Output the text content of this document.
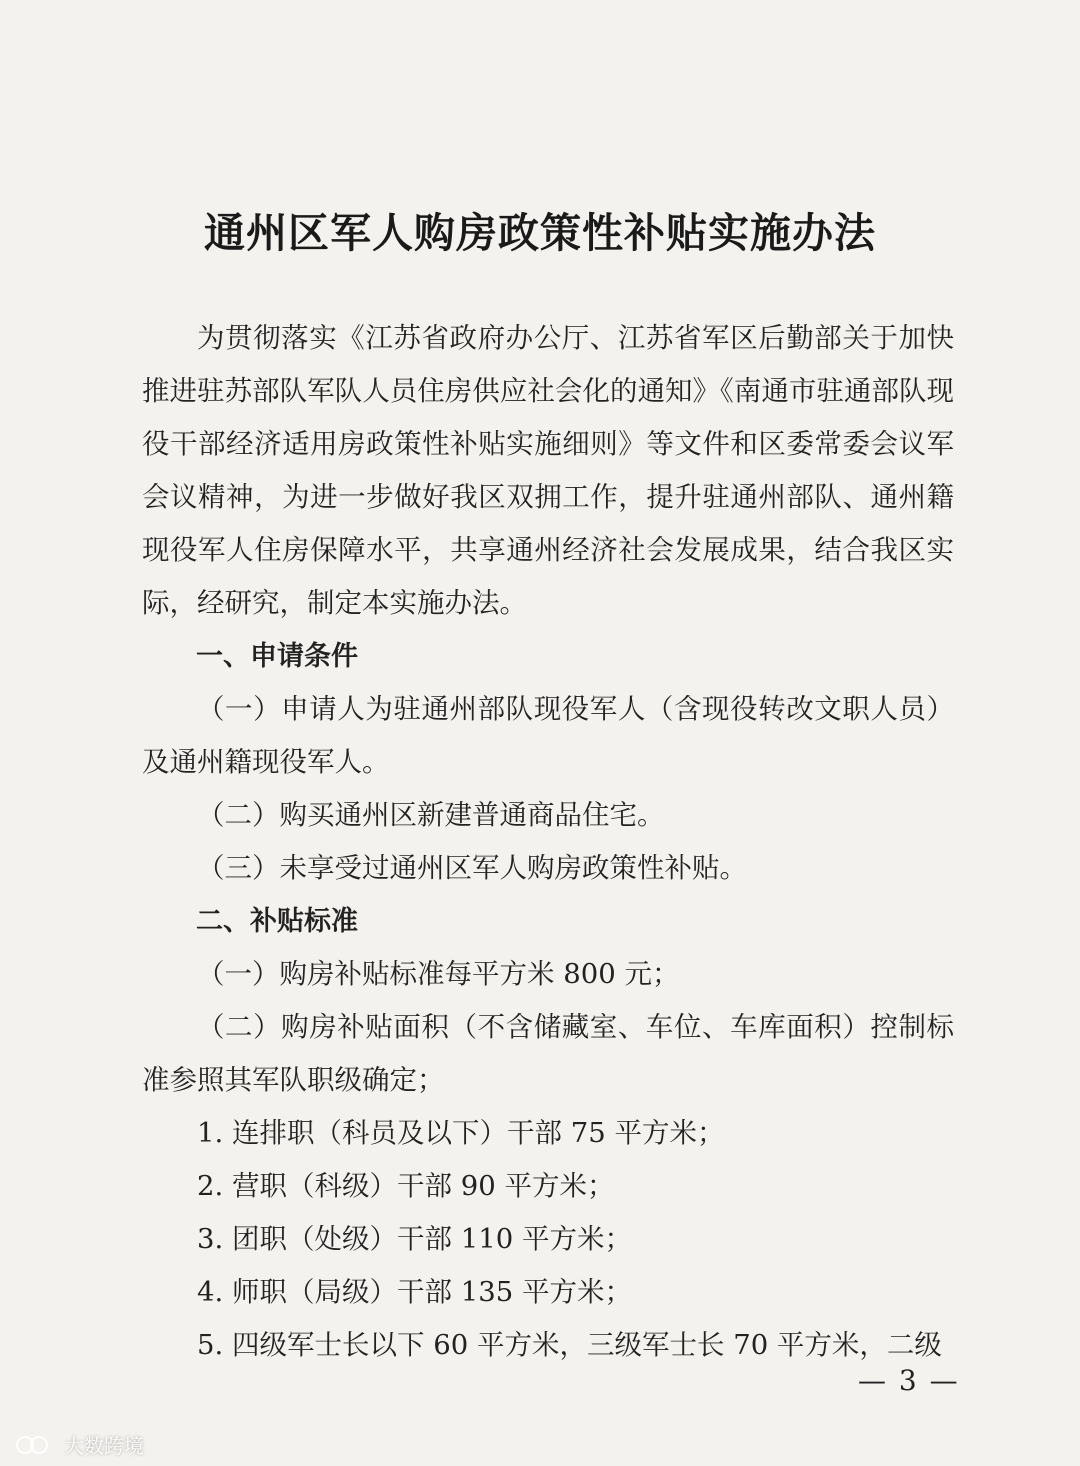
通州区军人购房政策性补贴实施办法

为贯彻落实《江苏省政府办公厅、江苏省军区后勤部关于加快推进驻苏部队军队人员住房供应社会化的通知》《南通市驻通部队现役干部经济适用房政策性补贴实施细则》等文件和区委常委会议军会议精神，为进一步做好我区双拥工作，提升驻通州部队、通州籍现役军人住房保障水平，共享通州经济社会发展成果，结合我区实际，经研究，制定本实施办法。

一、申请条件

（一）申请人为驻通州部队现役军人（含现役转改文职人员）及通州籍现役军人。

（二）购买通州区新建普通商品住宅。

（三）未享受过通州区军人购房政策性补贴。

二、补贴标准

（一）购房补贴标准每平方米 800 元；

（二）购房补贴面积（不含储藏室、车位、车库面积）控制标准参照其军队职级确定；

1. 连排职（科员及以下）干部 75 平方米；

2. 营职（科级）干部 90 平方米；

3. 团职（处级）干部 110 平方米；

4. 师职（局级）干部 135 平方米；

5. 四级军士长以下 60 平方米，三级军士长 70 平方米，二级

— 3 —
大数跨境
